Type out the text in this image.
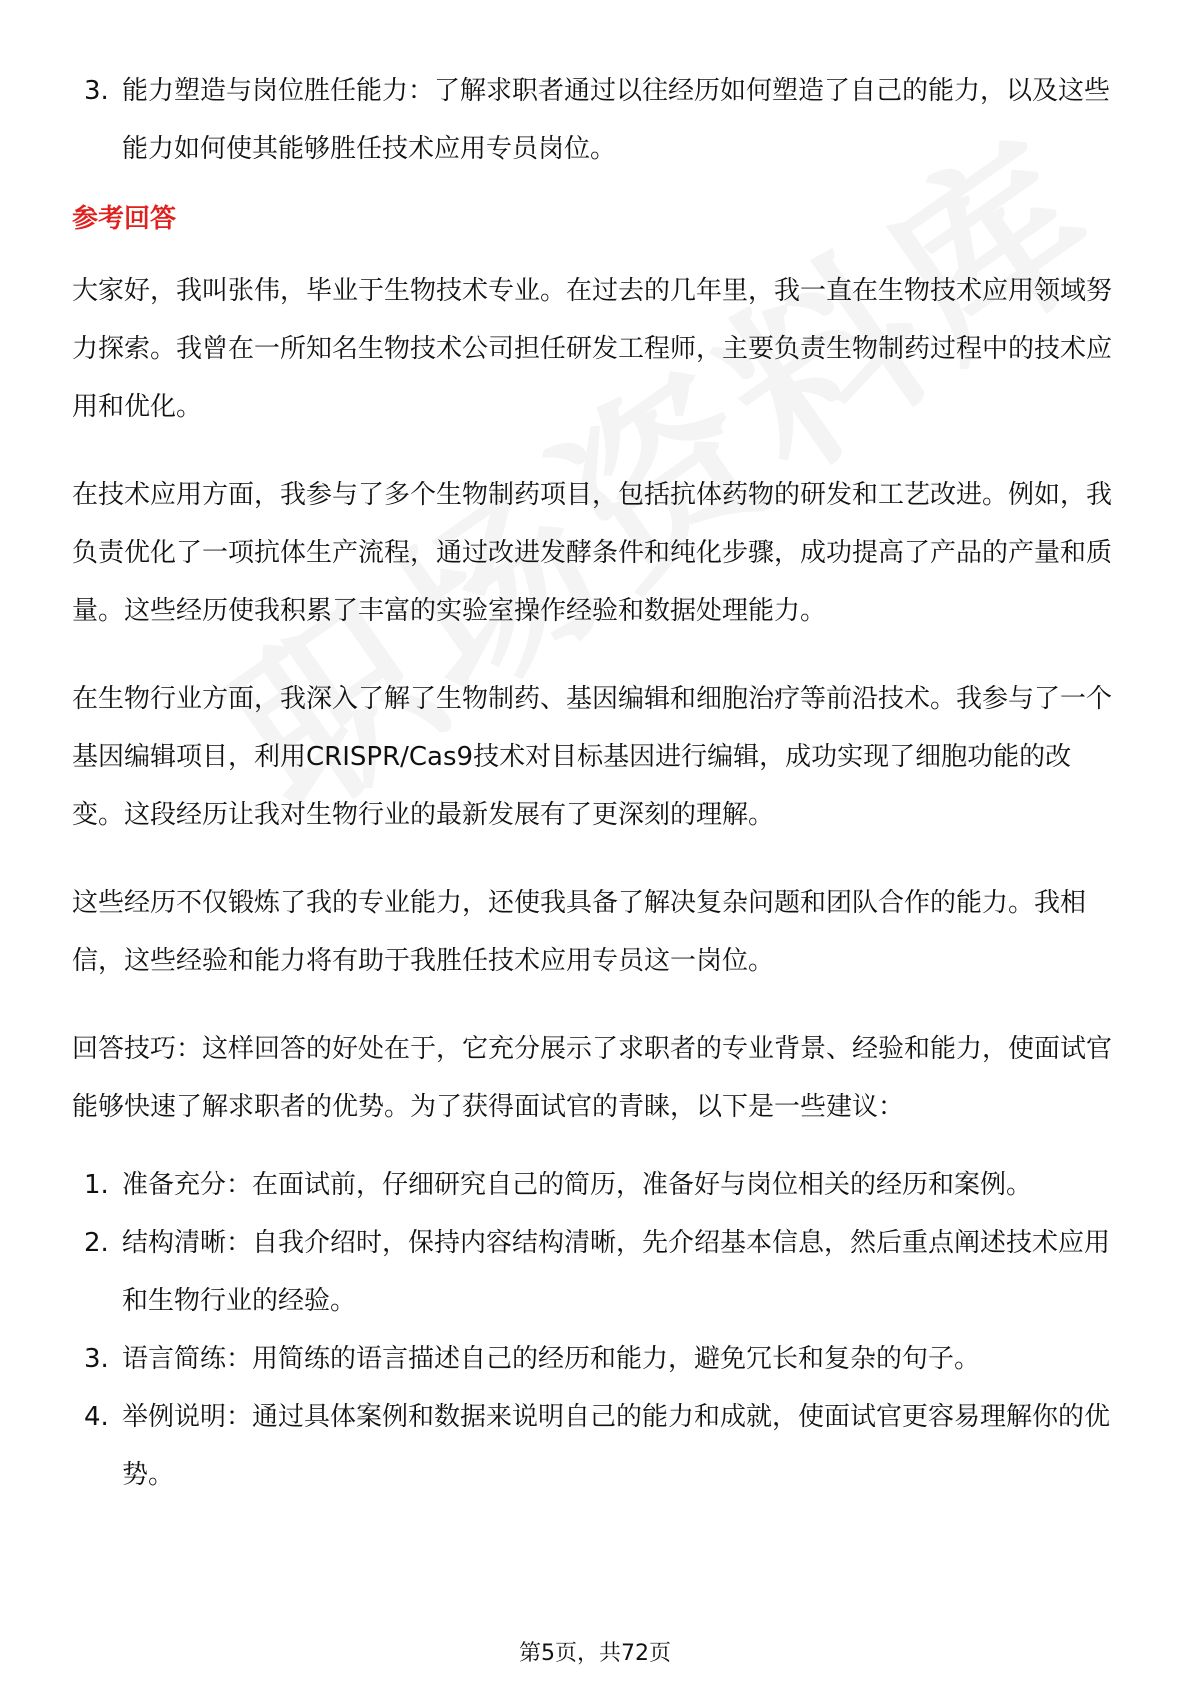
3. 能力塑造与岗位胜任能力：了解求职者通过以往经历如何塑造了自己的能力，以及这些能力如何使其能够胜任技术应用专员岗位。
参考回答

大家好，我叫张伟，毕业于生物技术专业。在过去的几年里，我一直在生物技术应用领域努力探索。我曾在一所知名生物技术公司担任研发工程师，主要负责生物制药过程中的技术应用和优化。

在技术应用方面，我参与了多个生物制药项目，包括抗体药物的研发和工艺改进。例如，我负责优化了一项抗体生产流程，通过改进发酵条件和纯化步骤，成功提高了产品的产量和质量。这些经历使我积累了丰富的实验室操作经验和数据处理能力。

在生物行业方面，我深入了解了生物制药、基因编辑和细胞治疗等前沿技术。我参与了一个基因编辑项目，利用CRISPR/Cas9技术对目标基因进行编辑，成功实现了细胞功能的改变。这段经历让我对生物行业的最新发展有了更深刻的理解。

这些经历不仅锻炼了我的专业能力，还使我具备了解决复杂问题和团队合作的能力。我相信，这些经验和能力将有助于我胜任技术应用专员这一岗位。

回答技巧：这样回答的好处在于，它充分展示了求职者的专业背景、经验和能力，使面试官能够快速了解求职者的优势。为了获得面试官的青睐，以下是一些建议：

1. 准备充分：在面试前，仔细研究自己的简历，准备好与岗位相关的经历和案例。
2. 结构清晰：自我介绍时，保持内容结构清晰，先介绍基本信息，然后重点阐述技术应用和生物行业的经验。
3. 语言简练：用简练的语言描述自己的经历和能力，避免冗长和复杂的句子。
4. 举例说明：通过具体案例和数据来说明自己的能力和成就，使面试官更容易理解你的优势。
第5页，共72页
